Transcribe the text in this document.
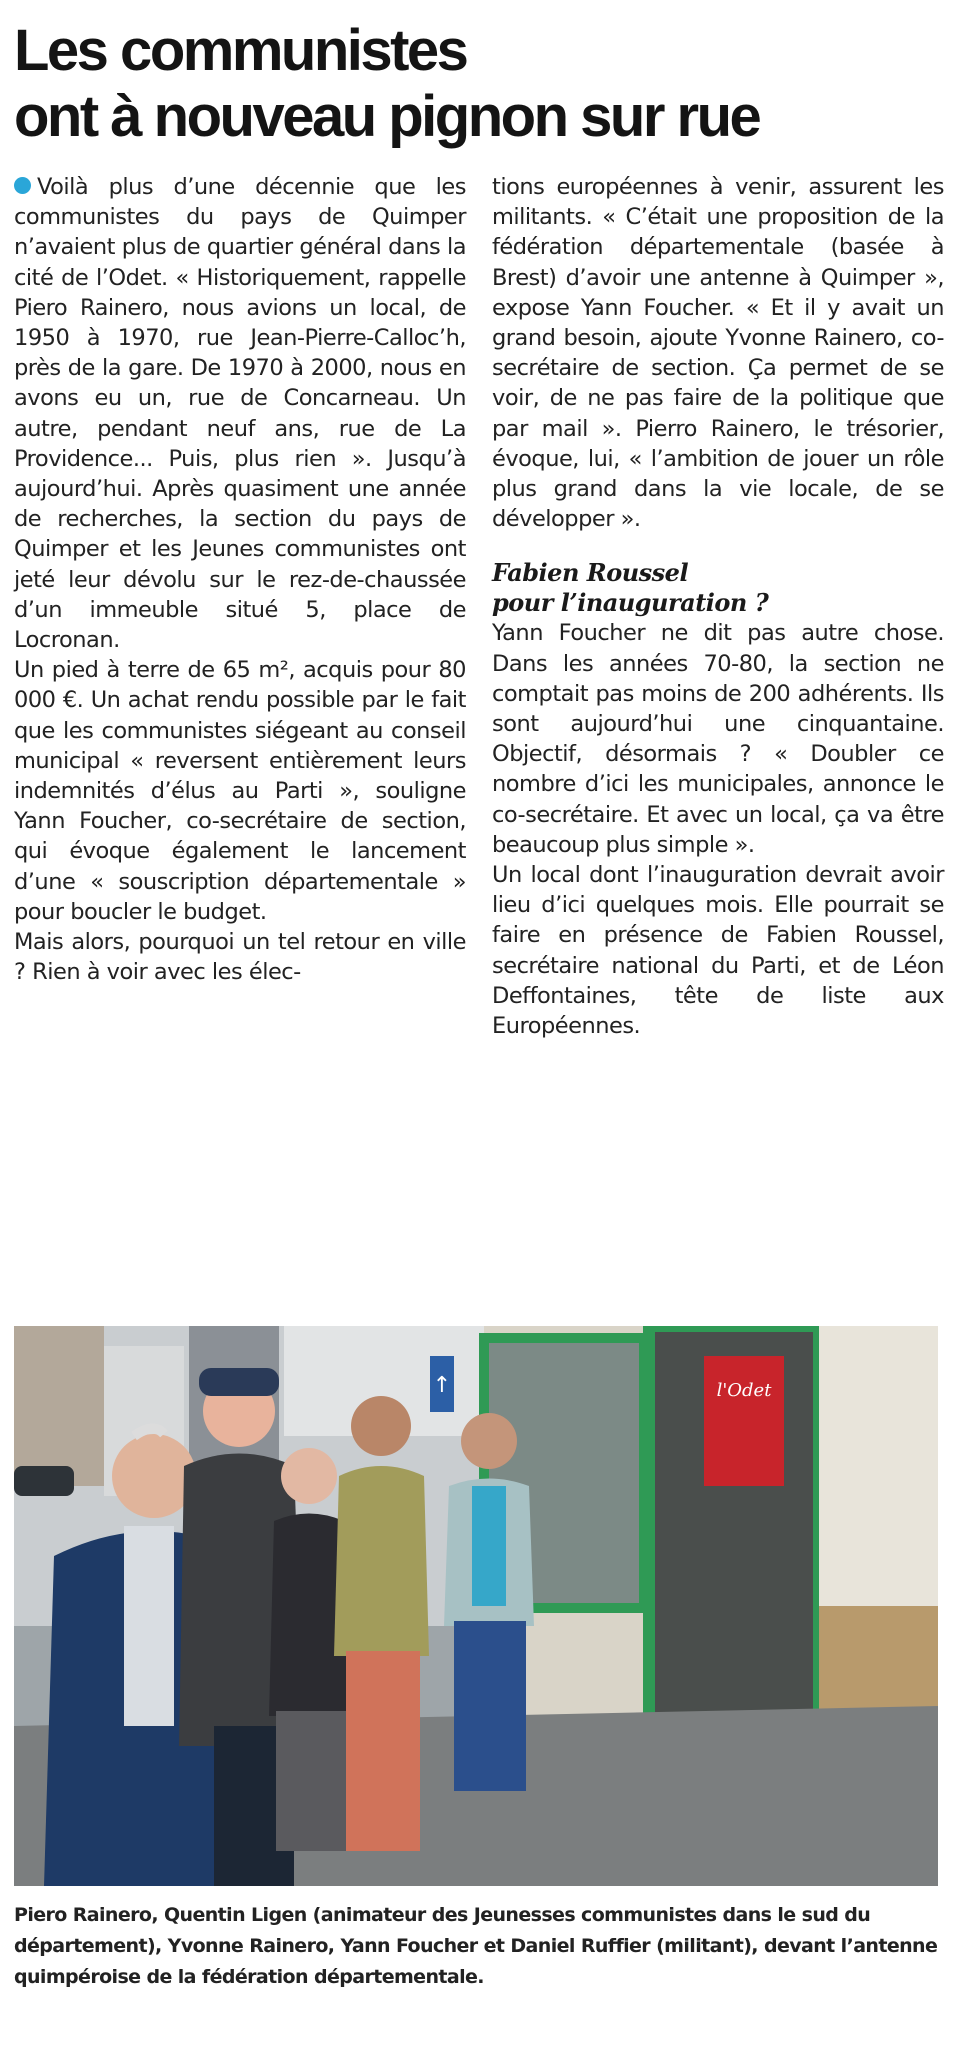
Les communistes
ont à nouveau pignon sur rue

Voilà plus d’une décennie que les communistes du pays de Quimper n’avaient plus de quartier général dans la cité de l’Odet. « Historiquement, rappelle Piero Rainero, nous avions un local, de 1950 à 1970, rue Jean-Pierre-Calloc’h, près de la gare. De 1970 à 2000, nous en avons eu un, rue de Concarneau. Un autre, pendant neuf ans, rue de La Providence... Puis, plus rien ». Jusqu’à aujourd’hui. Après quasiment une année de recherches, la section du pays de Quimper et les Jeunes communistes ont jeté leur dévolu sur le rez-de-chaussée d’un immeuble situé 5, place de Locronan.

Un pied à terre de 65 m², acquis pour 80 000 €. Un achat rendu possible par le fait que les communistes siégeant au conseil municipal « reversent entièrement leurs indemnités d’élus au Parti », souligne Yann Foucher, co-secrétaire de section, qui évoque également le lancement d’une « souscription départementale » pour boucler le budget.

Mais alors, pourquoi un tel retour en ville ? Rien à voir avec les élec-

tions européennes à venir, assurent les militants. « C’était une proposition de la fédération départementale (basée à Brest) d’avoir une antenne à Quimper », expose Yann Foucher. « Et il y avait un grand besoin, ajoute Yvonne Rainero, co-secrétaire de section. Ça permet de se voir, de ne pas faire de la politique que par mail ». Pierro Rainero, le trésorier, évoque, lui, « l’ambition de jouer un rôle plus grand dans la vie locale, de se développer ».

Fabien Roussel
pour l’inauguration ?

Yann Foucher ne dit pas autre chose. Dans les années 70-80, la section ne comptait pas moins de 200 adhérents. Ils sont aujourd’hui une cinquantaine. Objectif, désormais ? « Doubler ce nombre d’ici les municipales, annonce le co-secrétaire. Et avec un local, ça va être beaucoup plus simple ».

Un local dont l’inauguration devrait avoir lieu d’ici quelques mois. Elle pourrait se faire en présence de Fabien Roussel, secrétaire national du Parti, et de Léon Deffontaines, tête de liste aux Européennes.

↑	l'Odet
Piero Rainero, Quentin Ligen (animateur des Jeunesses communistes dans le sud du département), Yvonne Rainero, Yann Foucher et Daniel Ruffier (militant), devant l’antenne quimpéroise de la fédération départementale.
